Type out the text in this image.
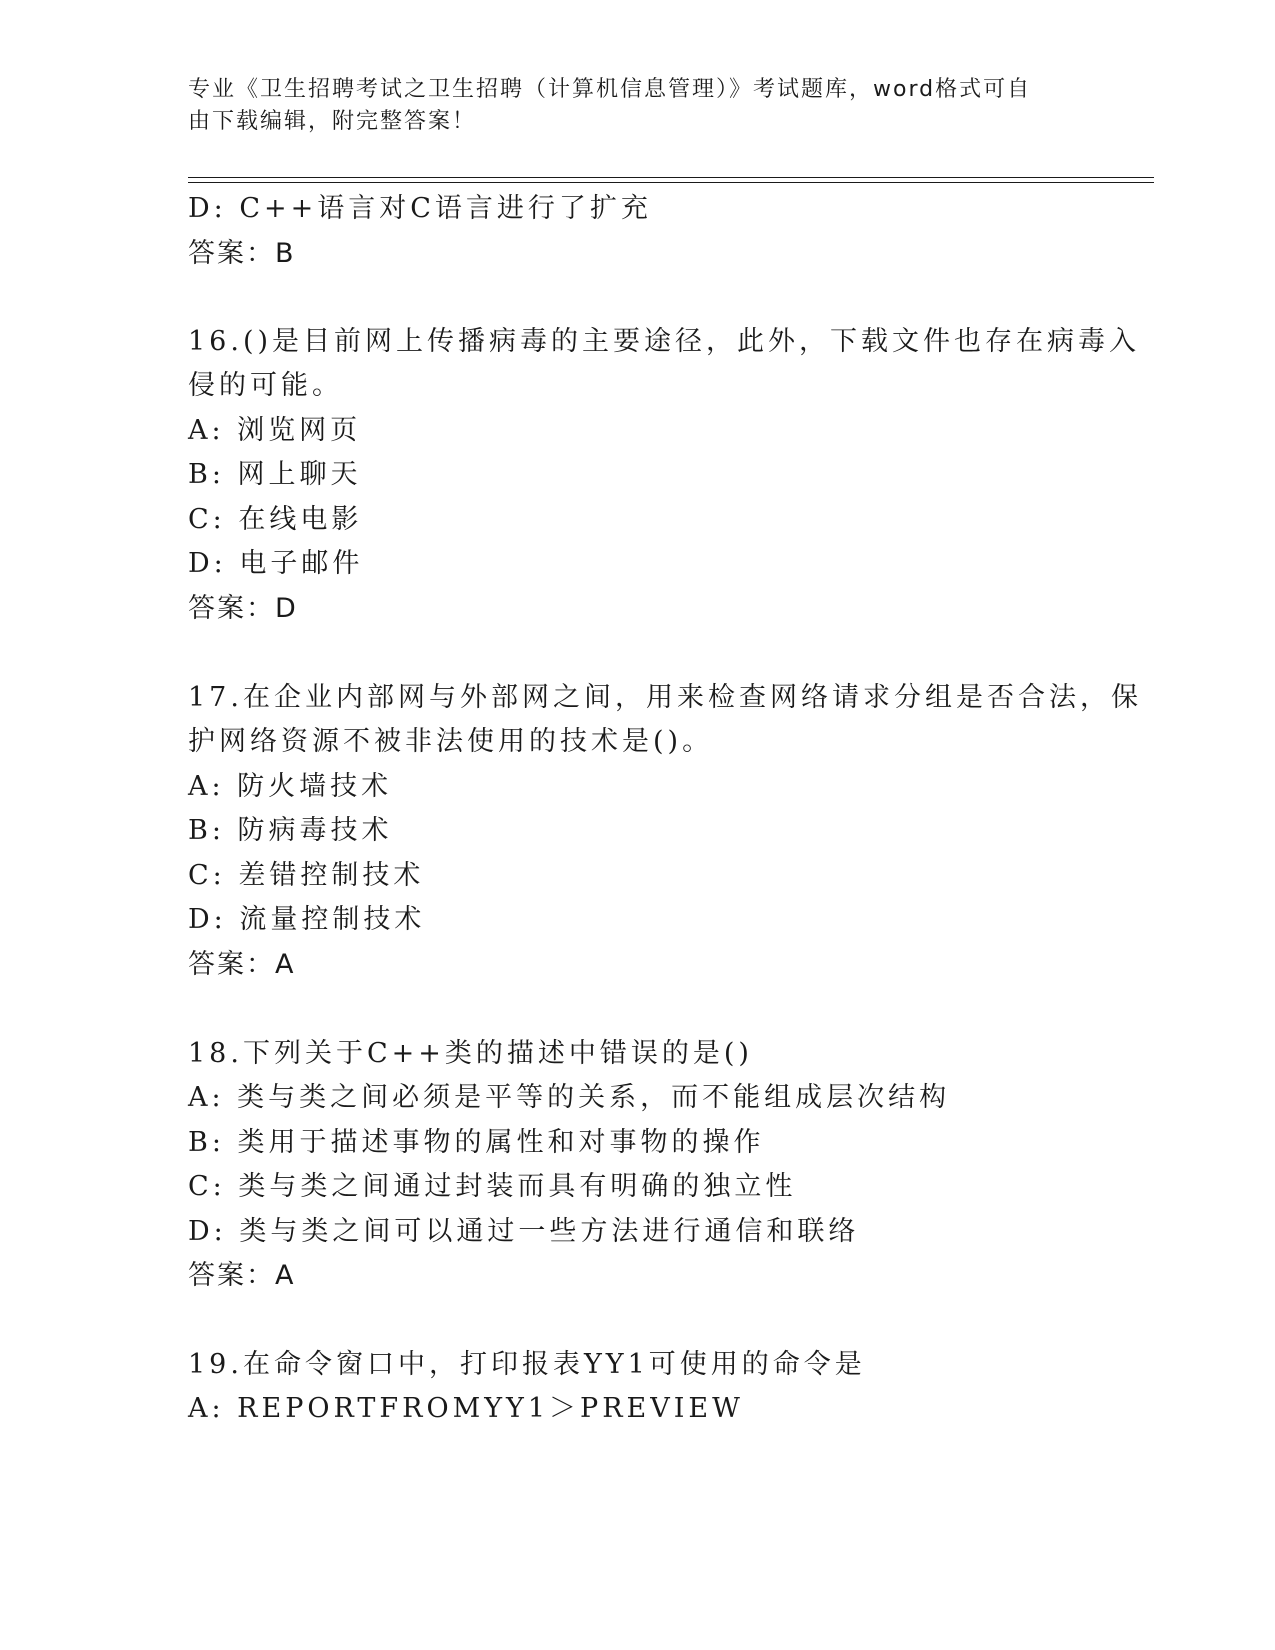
专业《卫生招聘考试之卫生招聘（计算机信息管理）》考试题库，word格式可自
由下载编辑，附完整答案！
D: C++语言对C语言进行了扩充
答案：B
16.()是目前网上传播病毒的主要途径，此外，下载文件也存在病毒入
侵的可能。
A: 浏览网页
B: 网上聊天
C: 在线电影
D: 电子邮件
答案：D
17.在企业内部网与外部网之间，用来检查网络请求分组是否合法，保
护网络资源不被非法使用的技术是()。
A: 防火墙技术
B: 防病毒技术
C: 差错控制技术
D: 流量控制技术
答案：A
18.下列关于C++类的描述中错误的是()
A: 类与类之间必须是平等的关系，而不能组成层次结构
B: 类用于描述事物的属性和对事物的操作
C: 类与类之间通过封装而具有明确的独立性
D: 类与类之间可以通过一些方法进行通信和联络
答案：A
19.在命令窗口中，打印报表YY1可使用的命令是
A: REPORTFROMYY1＞PREVIEW
